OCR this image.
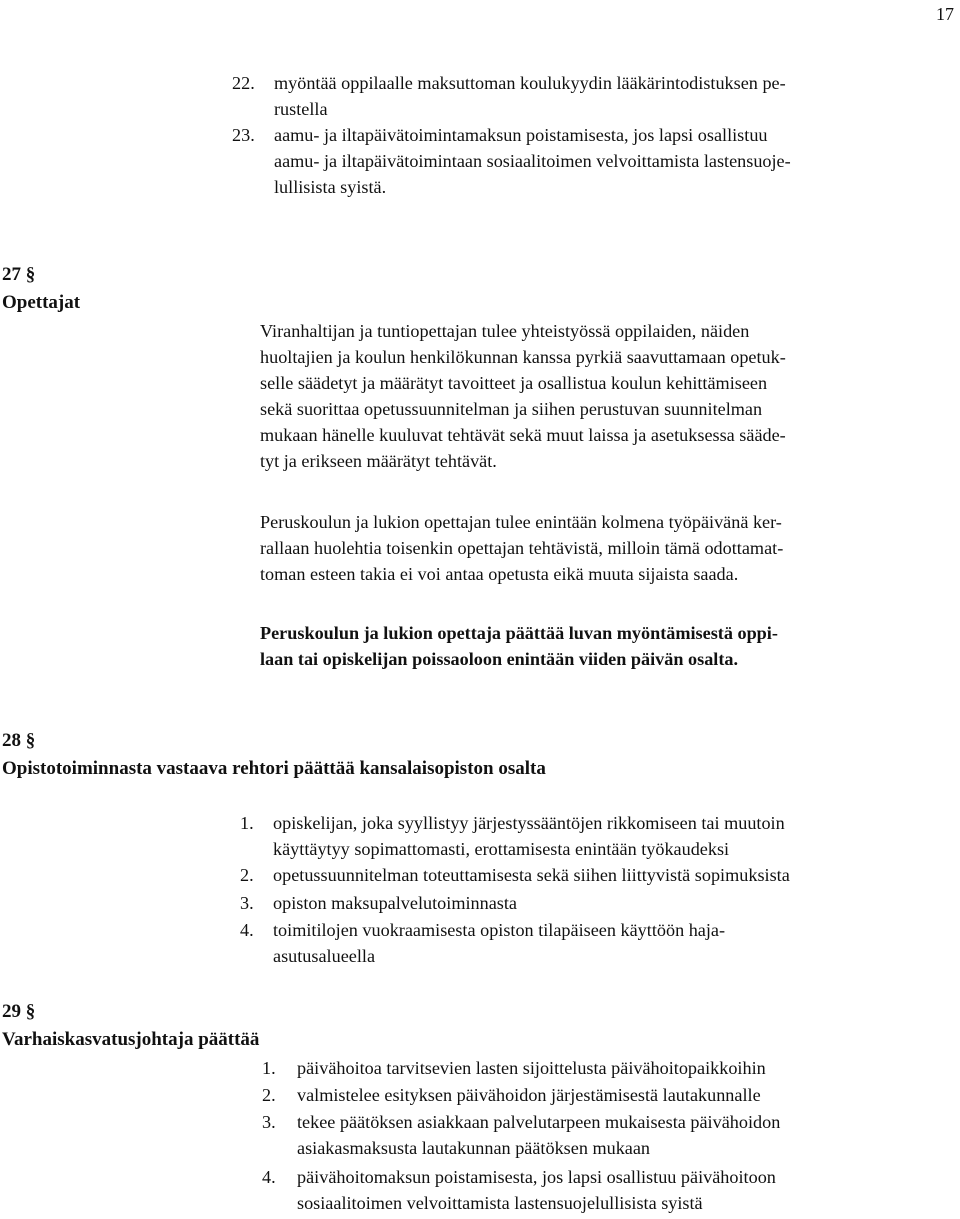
17
22. myöntää oppilaalle maksuttoman koulukyydin lääkärintodistuksen pe-
rustella
23. aamu- ja iltapäivätoimintamaksun poistamisesta, jos lapsi osallistuu
aamu- ja iltapäivätoimintaan sosiaalitoimen velvoittamista lastensuoje-
lullisista syistä.
27 §
Opettajat
Viranhaltijan ja tuntiopettajan tulee yhteistyössä oppilaiden, näiden
huoltajien ja koulun henkilökunnan kanssa pyrkiä saavuttamaan opetuk-
selle säädetyt ja määrätyt tavoitteet ja osallistua koulun kehittämiseen
sekä suorittaa opetussuunnitelman ja siihen perustuvan suunnitelman
mukaan hänelle kuuluvat tehtävät sekä muut laissa ja asetuksessa sääde-
tyt ja erikseen määrätyt tehtävät.
Peruskoulun ja lukion opettajan tulee enintään kolmena työpäivänä ker-
rallaan huolehtia toisenkin opettajan tehtävistä, milloin tämä odottamat-
toman esteen takia ei voi antaa opetusta eikä muuta sijaista saada.
Peruskoulun ja lukion opettaja päättää luvan myöntämisestä oppi-
laan tai opiskelijan poissaoloon enintään viiden päivän osalta.
28 §
Opistotoiminnasta vastaava rehtori päättää kansalaisopiston osalta
1. opiskelijan, joka syyllistyy järjestyssääntöjen rikkomiseen tai muutoin
käyttäytyy sopimattomasti, erottamisesta enintään työkaudeksi
2. opetussuunnitelman toteuttamisesta sekä siihen liittyvistä sopimuksista
3. opiston maksupalvelutoiminnasta
4. toimitilojen vuokraamisesta opiston tilapäiseen käyttöön haja-
asutusalueella
29 §
Varhaiskasvatusjohtaja päättää
1. päivähoitoa tarvitsevien lasten sijoittelusta päivähoitopaikkoihin
2. valmistelee esityksen päivähoidon järjestämisestä lautakunnalle
3. tekee päätöksen asiakkaan palvelutarpeen mukaisesta päivähoidon
asiakasmaksusta lautakunnan päätöksen mukaan
4. päivähoitomaksun poistamisesta, jos lapsi osallistuu päivähoitoon
sosiaalitoimen velvoittamista lastensuojelullisista syistä
